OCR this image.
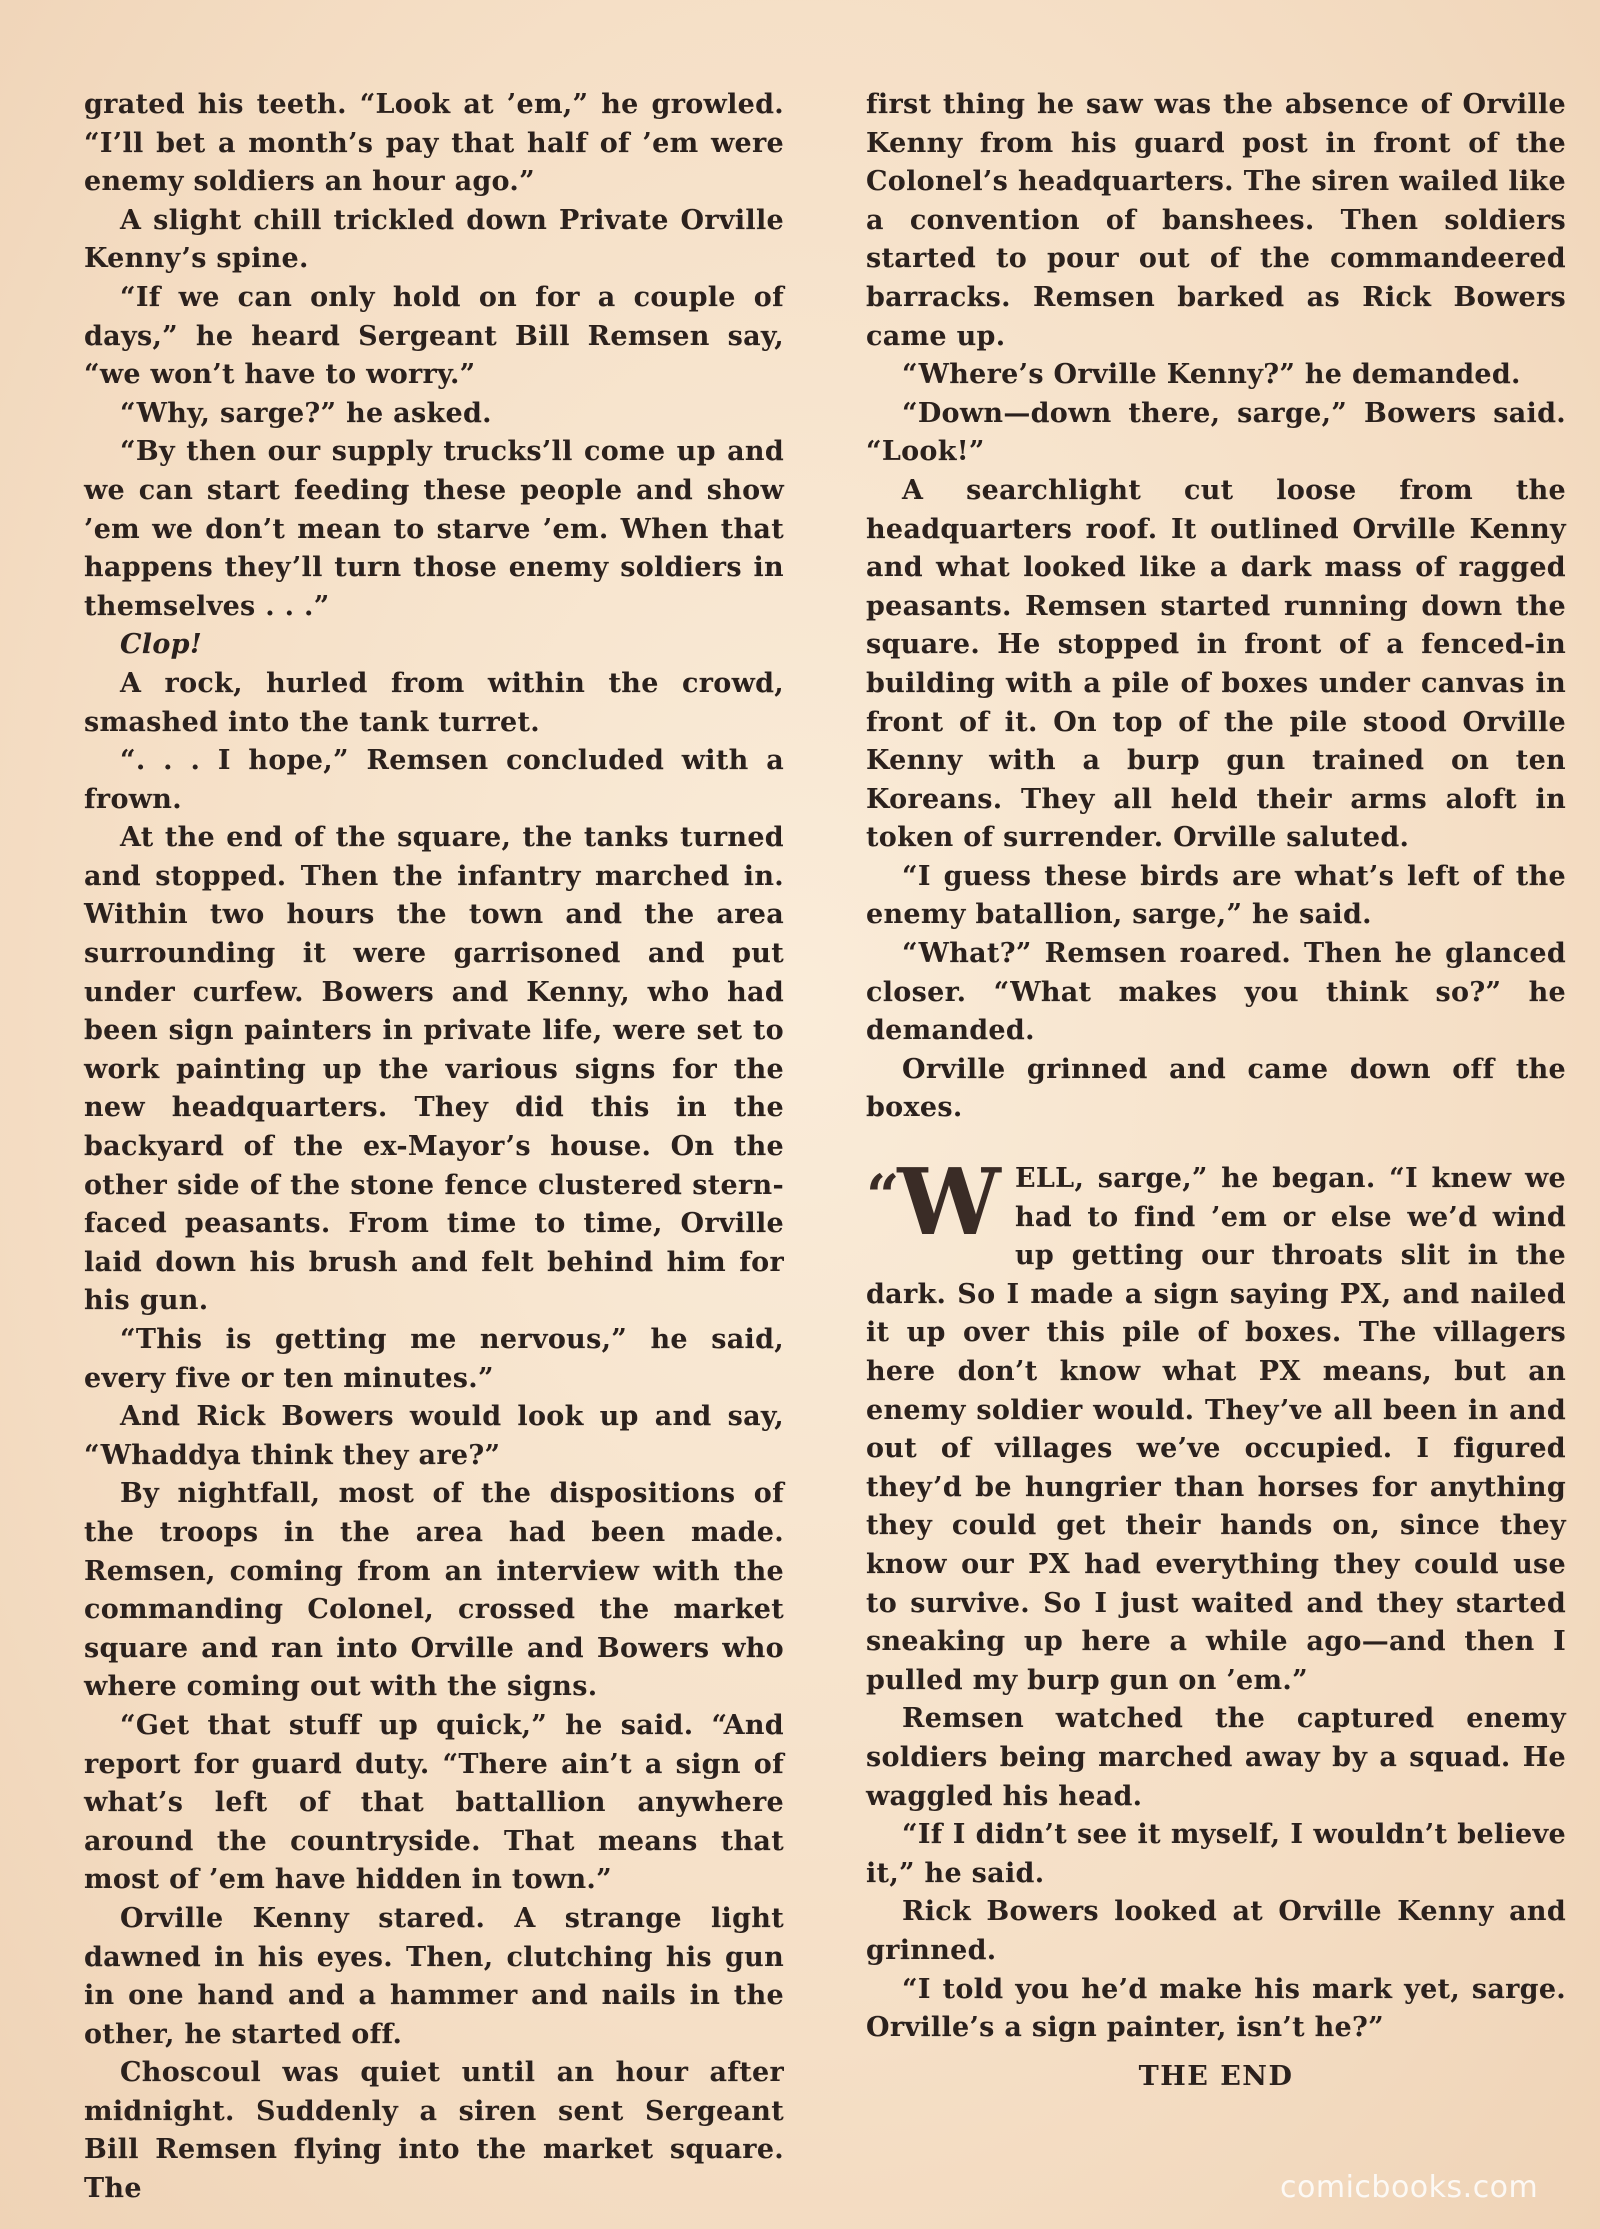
grated his teeth. “Look at ’em,” he growled. “I’ll bet a month’s pay that half of ’em were enemy soldiers an hour ago.”

A slight chill trickled down Private Orville Kenny’s spine.

“If we can only hold on for a couple of days,” he heard Sergeant Bill Remsen say, “we won’t have to worry.”

“Why, sarge?” he asked.

“By then our supply trucks’ll come up and we can start feeding these people and show ’em we don’t mean to starve ’em. When that happens they’ll turn those enemy soldiers in themselves . . .”

Clop!

A rock, hurled from within the crowd, smashed into the tank turret.

“. . . I hope,” Remsen concluded with a frown.

At the end of the square, the tanks turned and stopped. Then the infantry marched in. Within two hours the town and the area surrounding it were garrisoned and put under curfew. Bowers and Kenny, who had been sign painters in private life, were set to work painting up the various signs for the new headquarters. They did this in the backyard of the ex-Mayor’s house. On the other side of the stone fence clustered stern-faced peasants. From time to time, Orville laid down his brush and felt behind him for his gun.

“This is getting me nervous,” he said, every five or ten minutes.”

And Rick Bowers would look up and say, “Whaddya think they are?”

By nightfall, most of the dispositions of the troops in the area had been made. Remsen, coming from an interview with the commanding Colonel, crossed the market square and ran into Orville and Bowers who where coming out with the signs.

“Get that stuff up quick,” he said. “And report for guard duty. “There ain’t a sign of what’s left of that battallion anywhere around the countryside. That means that most of ’em have hidden in town.”

Orville Kenny stared. A strange light dawned in his eyes. Then, clutching his gun in one hand and a hammer and nails in the other, he started off.

Choscoul was quiet until an hour after midnight. Suddenly a siren sent Sergeant Bill Remsen flying into the market square. The

first thing he saw was the absence of Orville Kenny from his guard post in front of the Colonel’s headquarters. The siren wailed like a convention of banshees. Then soldiers started to pour out of the commandeered barracks. Remsen barked as Rick Bowers came up.

“Where’s Orville Kenny?” he demanded.

“Down—down there, sarge,” Bowers said. “Look!”

A searchlight cut loose from the headquarters roof. It outlined Orville Kenny and what looked like a dark mass of ragged peasants. Remsen started running down the square. He stopped in front of a fenced-in building with a pile of boxes under canvas in front of it. On top of the pile stood Orville Kenny with a burp gun trained on ten Koreans. They all held their arms aloft in token of surrender. Orville saluted.

“I guess these birds are what’s left of the enemy batallion, sarge,” he said.

“What?” Remsen roared. Then he glanced closer. “What makes you think so?” he demanded.

Orville grinned and came down off the boxes.

“ W ELL, sarge,” he began. “I knew we had to find ’em or else we’d wind up getting our throats slit in the dark. So I made a sign saying PX, and nailed it up over this pile of boxes. The villagers here don’t know what PX means, but an enemy soldier would. They’ve all been in and out of villages we’ve occupied. I figured they’d be hungrier than horses for anything they could get their hands on, since they know our PX had everything they could use to survive. So I just waited and they started sneaking up here a while ago—and then I pulled my burp gun on ’em.”

Remsen watched the captured enemy soldiers being marched away by a squad. He waggled his head.

“If I didn’t see it myself, I wouldn’t believe it,” he said.

Rick Bowers looked at Orville Kenny and grinned.

“I told you he’d make his mark yet, sarge. Orville’s a sign painter, isn’t he?”

THE END

comicbooks.com
